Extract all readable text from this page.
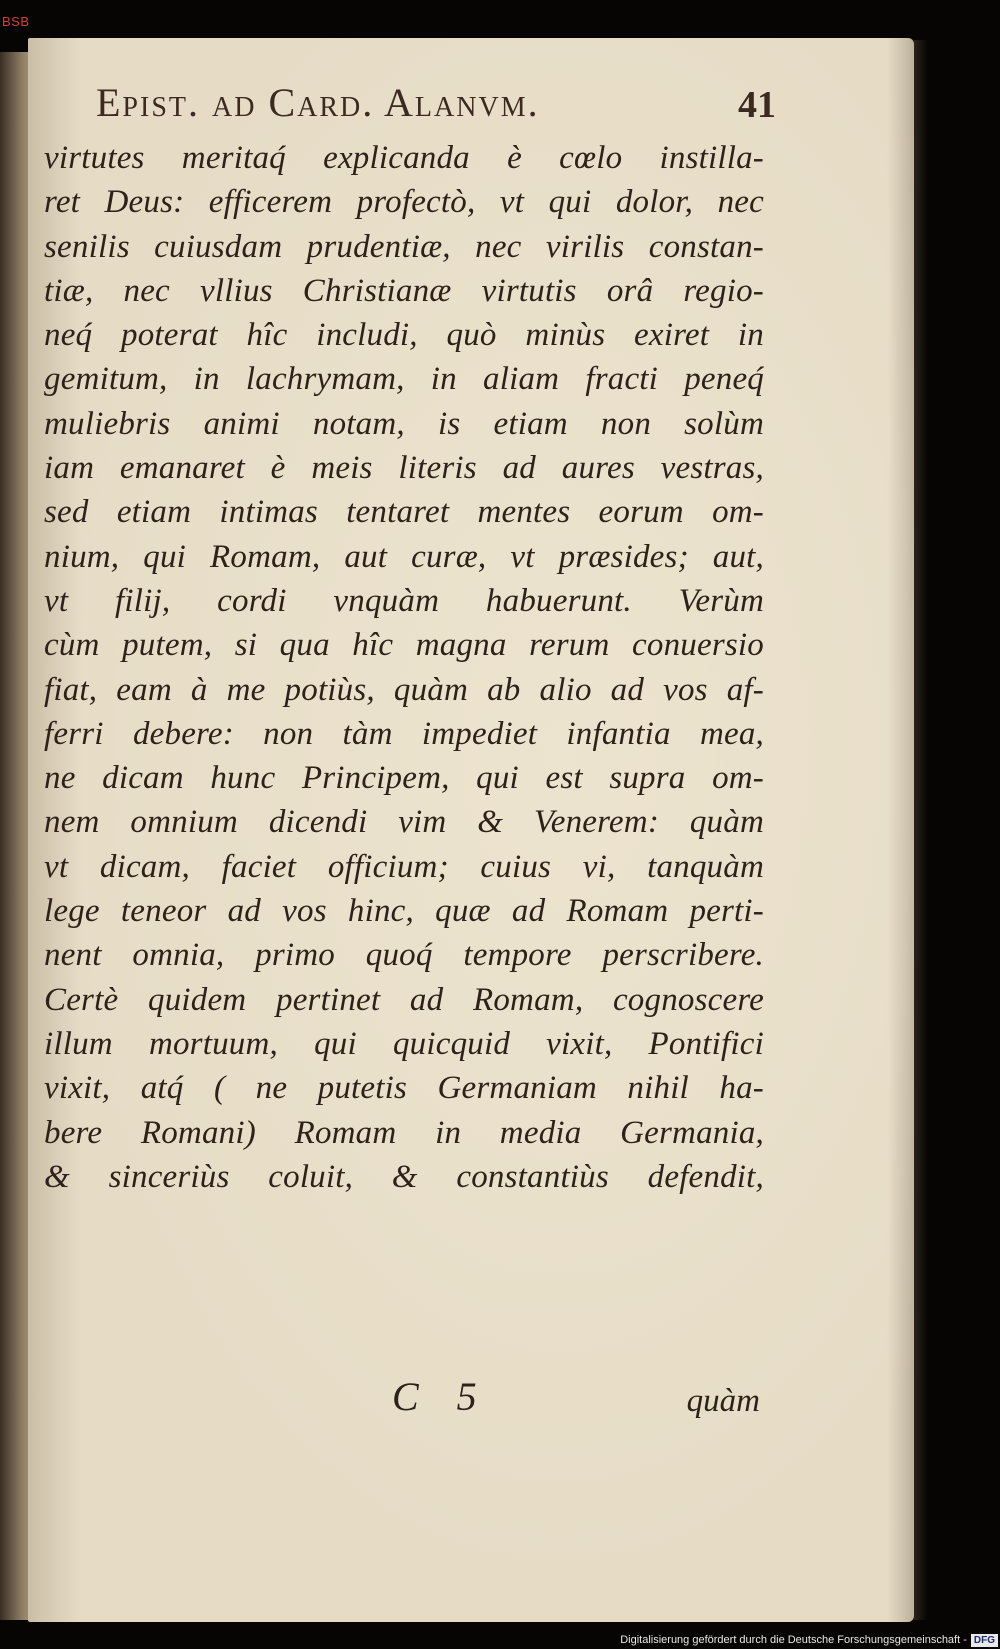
BSB
Epist. ad Card. Alanvm.	41
virtutes meritaq́ explicanda è cœlo instilla-
ret Deus: efficerem profectò, vt qui dolor, nec
senilis cuiusdam prudentiæ, nec virilis constan-
tiæ, nec vllius Christianæ virtutis orâ regio-
neq́ poterat hîc includi, quò minùs exiret in
gemitum, in lachrymam, in aliam fracti peneq́
muliebris animi notam, is etiam non solùm
iam emanaret è meis literis ad aures vestras,
sed etiam intimas tentaret mentes eorum om-
nium, qui Romam, aut curæ, vt præsides; aut,
vt filij, cordi vnquàm habuerunt. Verùm
cùm putem, si qua hîc magna rerum conuersio
fiat, eam à me potiùs, quàm ab alio ad vos af-
ferri debere: non tàm impediet infantia mea,
ne dicam hunc Principem, qui est supra om-
nem omnium dicendi vim & Venerem: quàm
vt dicam, faciet officium; cuius vi, tanquàm
lege teneor ad vos hinc, quæ ad Romam perti-
nent omnia, primo quoq́ tempore perscribere.
Certè quidem pertinet ad Romam, cognoscere
illum mortuum, qui quicquid vixit, Pontifici
vixit, atq́ ( ne putetis Germaniam nihil ha-
bere Romani) Romam in media Germania,
& sinceriùs coluit, & constantiùs defendit,
C 5	quàm
Digitalisierung gefördert durch die Deutsche Forschungsgemeinschaft - DFG
